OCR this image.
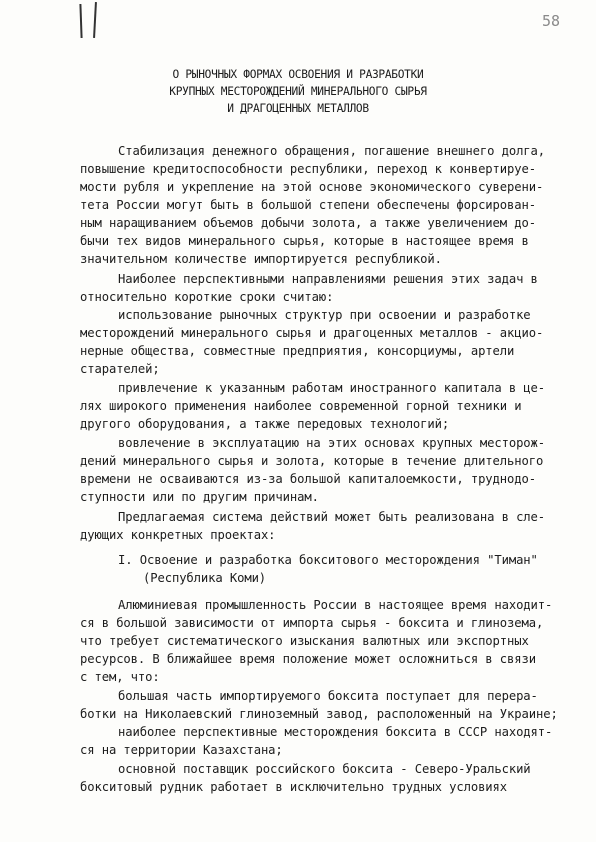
58
О РЫНОЧНЫХ ФОРМАХ ОСВОЕНИЯ И РАЗРАБОТКИ
КРУПНЫХ МЕСТОРОЖДЕНИЙ МИНЕРАЛЬНОГО СЫРЬЯ
И ДРАГОЦЕННЫХ МЕТАЛЛОВ
Стабилизация денежного обращения, погашение внешнего долга,
повышение кредитоспособности республики, переход к конвертируе-
мости рубля и укрепление на этой основе экономического суверени-
тета России могут быть в большой степени обеспечены форсирован-
ным наращиванием объемов добычи золота, а также увеличением до-
бычи тех видов минерального сырья, которые в настоящее время в
значительном количестве импортируется республикой.
Наиболее перспективными направлениями решения этих задач в
относительно короткие сроки считаю:
использование рыночных структур при освоении и разработке
месторождений минерального сырья и драгоценных металлов - акцио-
нерные общества, совместные предприятия, консорциумы, артели
старателей;
привлечение к указанным работам иностранного капитала в це-
лях широкого применения наиболее современной горной техники и
другого оборудования, а также передовых технологий;
вовлечение в эксплуатацию на этих основах крупных месторож-
дений минерального сырья и золота, которые в течение длительного
времени не осваиваются из-за большой капиталоемкости, труднодо-
ступности или по другим причинам.
Предлагаемая система действий может быть реализована в сле-
дующих конкретных проектах:
I. Освоение и разработка бокситового месторождения "Тиман"
(Республика Коми)
Алюминиевая промышленность России в настоящее время находит-
ся в большой зависимости от импорта сырья - боксита и глинозема,
что требует систематического изыскания валютных или экспортных
ресурсов. В ближайшее время положение может осложниться в связи
с тем, что:
большая часть импортируемого боксита поступает для перера-
ботки на Николаевский глиноземный завод, расположенный на Украине;
наиболее перспективные месторождения боксита в СССР находят-
ся на территории Казахстана;
основной поставщик российского боксита - Северо-Уральский
бокситовый рудник работает в исключительно трудных условиях
